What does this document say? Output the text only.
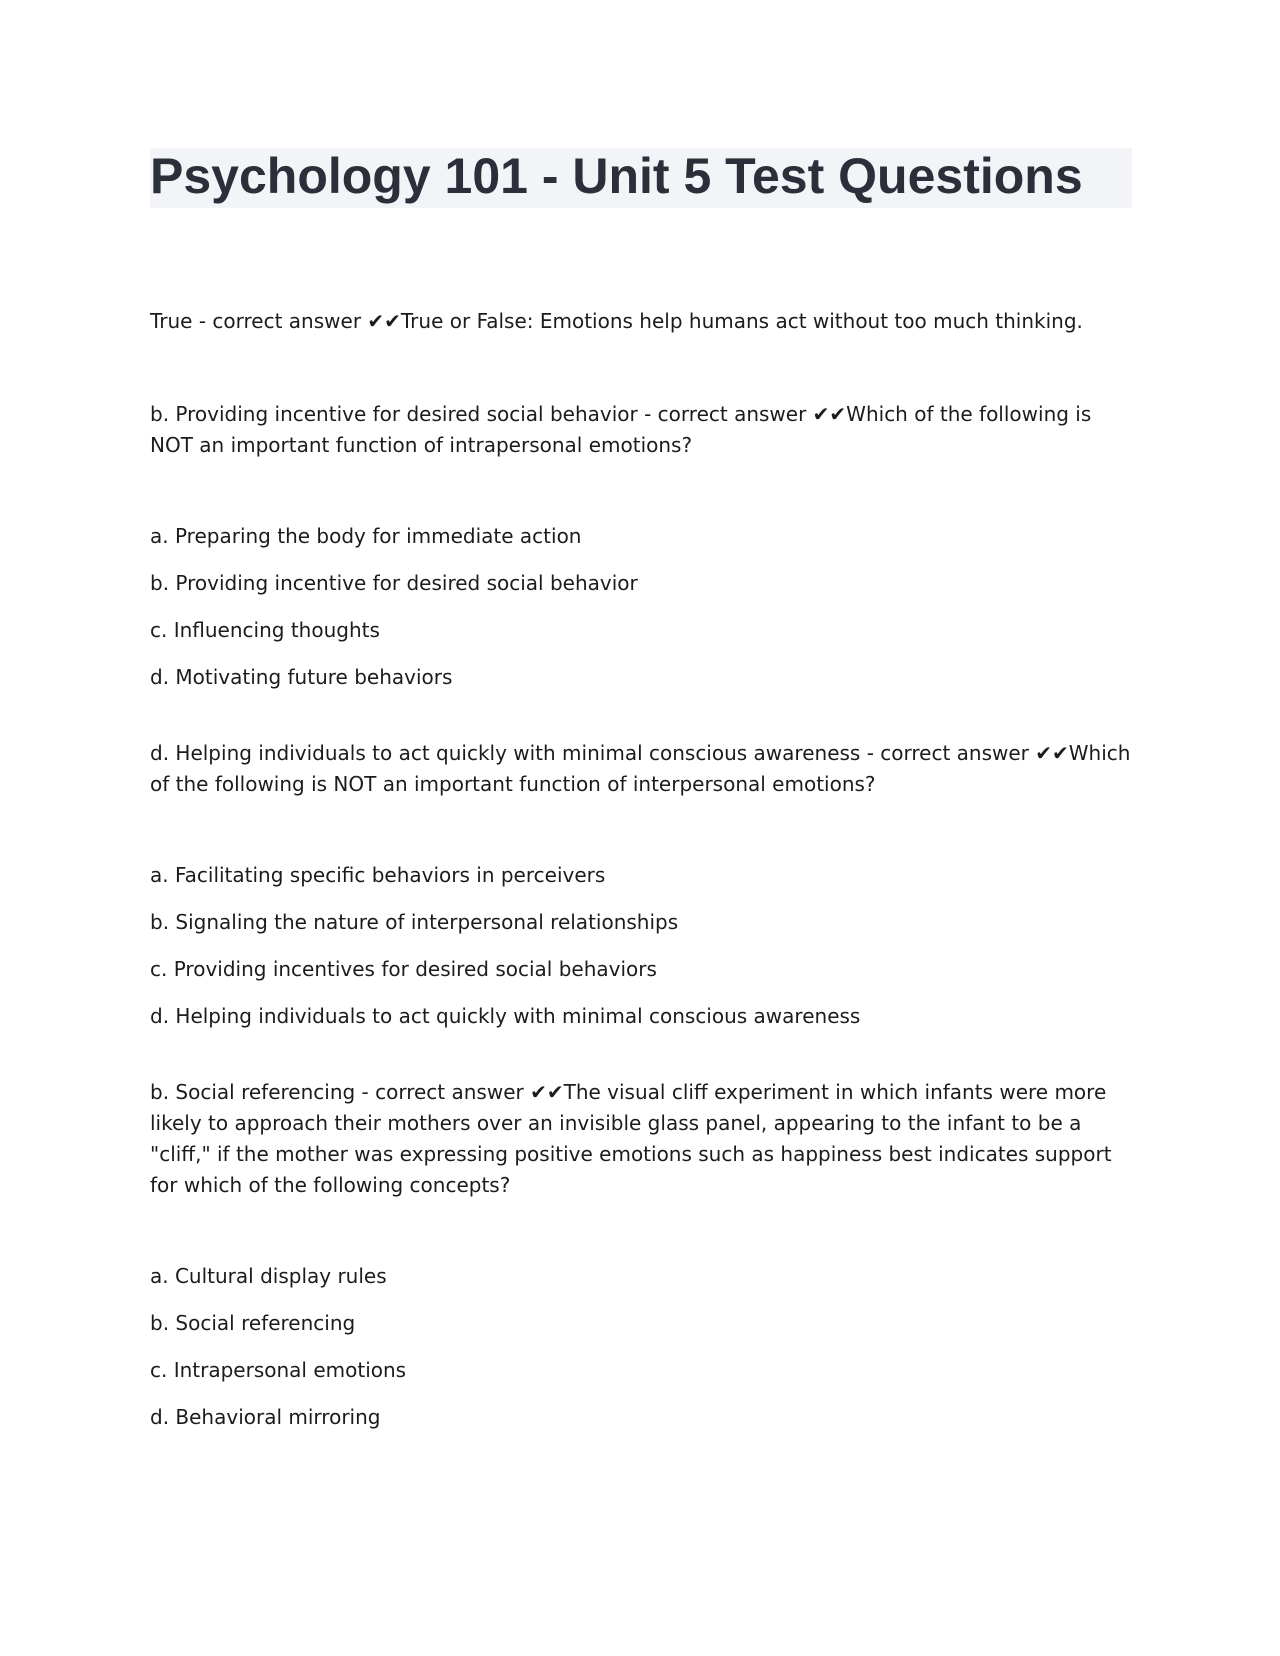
Psychology 101 - Unit 5 Test Questions

True - correct answer ✔✔True or False: Emotions help humans act without too much thinking.

b. Providing incentive for desired social behavior - correct answer ✔✔Which of the following is NOT an important function of intrapersonal emotions?

a. Preparing the body for immediate action
b. Providing incentive for desired social behavior
c. Influencing thoughts
d. Motivating future behaviors

d. Helping individuals to act quickly with minimal conscious awareness - correct answer ✔✔Which of the following is NOT an important function of interpersonal emotions?

a. Facilitating specific behaviors in perceivers
b. Signaling the nature of interpersonal relationships
c. Providing incentives for desired social behaviors
d. Helping individuals to act quickly with minimal conscious awareness

b. Social referencing - correct answer ✔✔The visual cliff experiment in which infants were more likely to approach their mothers over an invisible glass panel, appearing to the infant to be a "cliff," if the mother was expressing positive emotions such as happiness best indicates support for which of the following concepts?

a. Cultural display rules
b. Social referencing
c. Intrapersonal emotions
d. Behavioral mirroring
